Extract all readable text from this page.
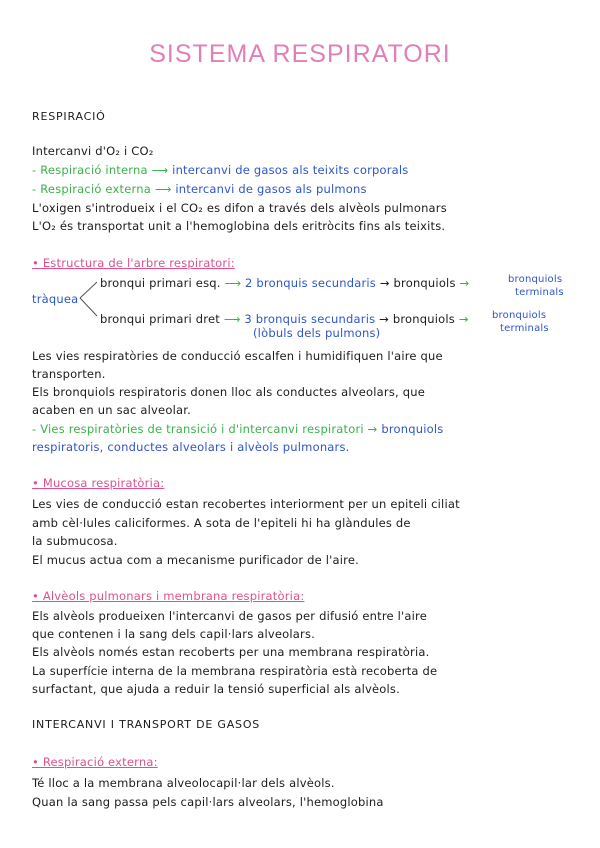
SISTEMA RESPIRATORI
RESPIRACIÓ
Intercanvi d'O₂ i CO₂
- Respiració interna ⟶ intercanvi de gasos als teixits corporals
- Respiració externa ⟶ intercanvi de gasos als pulmons
L'oxigen s'introdueix i el CO₂ es difon a través dels alvèols pulmonars
L'O₂ és transportat unit a l'hemoglobina dels eritròcits fins als teixits.
• Estructura de l'arbre respiratori:
tràquea
bronqui primari esq. ⟶ 2 bronquis secundaris → bronquiols →	bronquiols
terminals
bronqui primari dret ⟶ 3 bronquis secundaris → bronquiols →
(lòbuls dels pulmons)
bronquiols
terminals
Les vies respiratòries de conducció escalfen i humidifiquen l'aire que
transporten.
Els bronquiols respiratoris donen lloc als conductes alveolars, que
acaben en un sac alveolar.
- Vies respiratòries de transició i d'intercanvi respiratori → bronquiols
respiratoris, conductes alveolars i alvèols pulmonars.
• Mucosa respiratòria:
Les vies de conducció estan recobertes interiorment per un epiteli ciliat
amb cèl·lules caliciformes. A sota de l'epiteli hi ha glàndules de
la submucosa.
El mucus actua com a mecanisme purificador de l'aire.
• Alvèols pulmonars i membrana respiratòria:
Els alvèols produeixen l'intercanvi de gasos per difusió entre l'aire
que contenen i la sang dels capil·lars alveolars.
Els alvèols només estan recoberts per una membrana respiratòria.
La superfície interna de la membrana respiratòria està recoberta de
surfactant, que ajuda a reduir la tensió superficial als alvèols.
INTERCANVI I TRANSPORT DE GASOS
• Respiració externa:
Té lloc a la membrana alveolocapil·lar dels alvèols.
Quan la sang passa pels capil·lars alveolars, l'hemoglobina
